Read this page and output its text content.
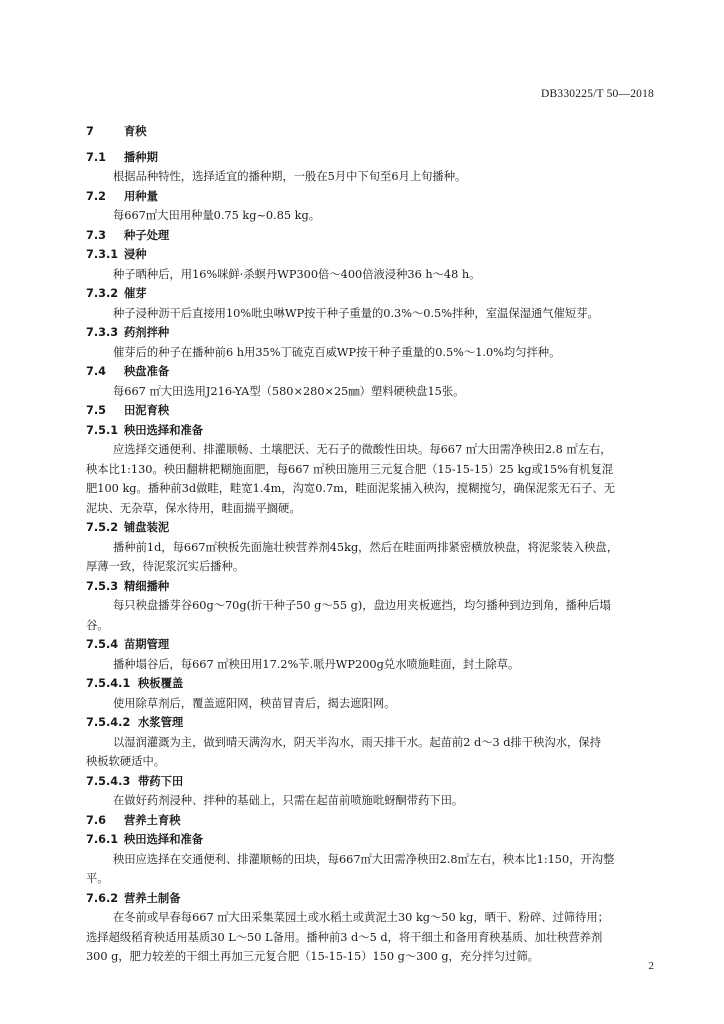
DB330225/T 50—2018
7	育秧
7.1 播种期
根据品种特性，选择适宜的播种期，一般在5月中下旬至6月上旬播种。
7.2 用种量
每667㎡大田用种量0.75 kg~0.85 kg。
7.3 种子处理
7.3.1 浸种
种子晒种后，用16%咪鲜·杀螟丹WP300倍～400倍液浸种36 h～48 h。
7.3.2 催芽
种子浸种沥干后直接用10%吡虫啉WP按干种子重量的0.3%～0.5%拌种，室温保湿通气催短芽。
7.3.3 药剂拌种
催芽后的种子在播种前6 h用35%丁硫克百威WP按干种子重量的0.5%～1.0%均匀拌种。
7.4 秧盘准备
每667 ㎡大田选用J216-YA型（580×280×25㎜）塑料硬秧盘15张。
7.5 田泥育秧
7.5.1 秧田选择和准备
应选择交通便利、排灌顺畅、土壤肥沃、无石子的微酸性田块。每667 ㎡大田需净秧田2.8 ㎡左右，
秧本比1:130。秧田翻耕耙糊施面肥，每667 ㎡秧田施用三元复合肥（15-15-15）25 kg或15%有机复混
肥100 kg。播种前3d做畦，畦宽1.4m，沟宽0.7m，畦面泥浆捕入秧沟，搅糊搅匀，确保泥浆无石子、无
泥块、无杂草，保水待用，畦面揣平搁硬。
7.5.2 铺盘装泥
播种前1d，每667㎡秧板先面施壮秧营养剂45kg，然后在畦面两排紧密横放秧盘，将泥浆装入秧盘，
厚薄一致，待泥浆沉实后播种。
7.5.3 精细播种
每只秧盘播芽谷60g～70g(折干种子50 g～55 g)，盘边用夹板遮挡，均匀播种到边到角，播种后塌
谷。
7.5.4 苗期管理
播种塌谷后，每667 ㎡秧田用17.2%苄.哌丹WP200g兑水喷施畦面，封土除草。
7.5.4.1 秧板覆盖
使用除草剂后，覆盖遮阳网，秧苗冒青后，揭去遮阳网。
7.5.4.2 水浆管理
以湿润灌溉为主，做到晴天满沟水，阴天半沟水，雨天排干水。起苗前2 d～3 d排干秧沟水，保持
秧板软硬适中。
7.5.4.3 带药下田
在做好药剂浸种、拌种的基础上，只需在起苗前喷施吡蚜酮带药下田。
7.6 营养土育秧
7.6.1 秧田选择和准备
秧田应选择在交通便利、排灌顺畅的田块，每667㎡大田需净秧田2.8㎡左右，秧本比1:150，开沟整
平。
7.6.2 营养土制备
在冬前或早春每667 ㎡大田采集菜园土或水稻土或黄泥土30 kg～50 kg，晒干、粉碎、过筛待用；
选择超级稻育秧适用基质30 L～50 L备用。播种前3 d～5 d，将干细土和备用育秧基质、加壮秧营养剂
300 g，肥力较差的干细土再加三元复合肥（15-15-15）150 g～300 g，充分拌匀过筛。
2
